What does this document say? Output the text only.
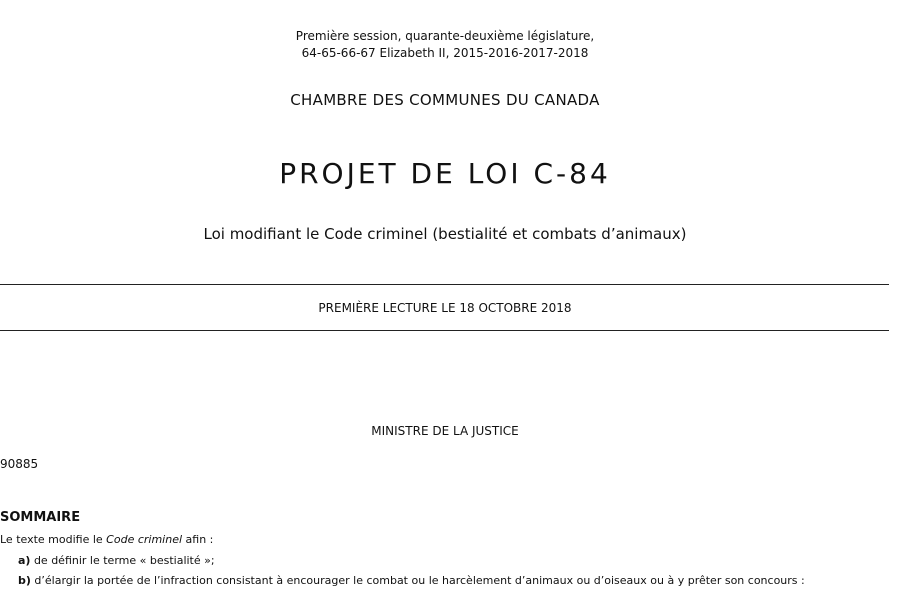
Première session, quarante-deuxième législature,
64-65-66-67 Elizabeth II, 2015-2016-2017-2018
CHAMBRE DES COMMUNES DU CANADA
PROJET DE LOI C-84
Loi modifiant le Code criminel (bestialité et combats d’animaux)
PREMIÈRE LECTURE LE 18 OCTOBRE 2018
MINISTRE DE LA JUSTICE
90885
SOMMAIRE
Le texte modifie le Code criminel afin :
a) de définir le terme « bestialité »;
b) d’élargir la portée de l’infraction consistant à encourager le combat ou le harcèlement d’animaux ou d’oiseaux ou à y prêter son concours :
